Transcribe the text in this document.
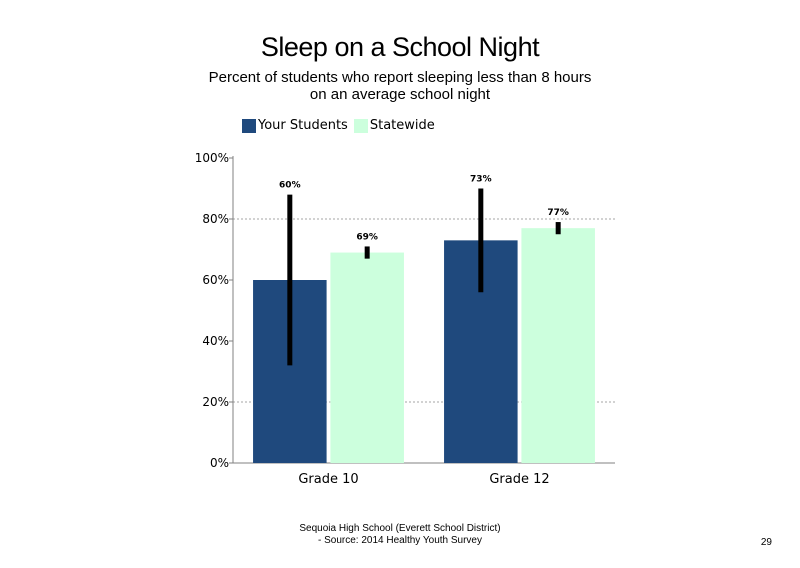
Sleep on a School Night
Percent of students who report sleeping less than 8 hours on an average school night
Your Students Statewide
0%
20%
40%
60%
80%
100%
60%
69%
Grade 10
73%
77%
Grade 12
Sequoia High School (Everett School District)
- Source: 2014 Healthy Youth Survey	29
